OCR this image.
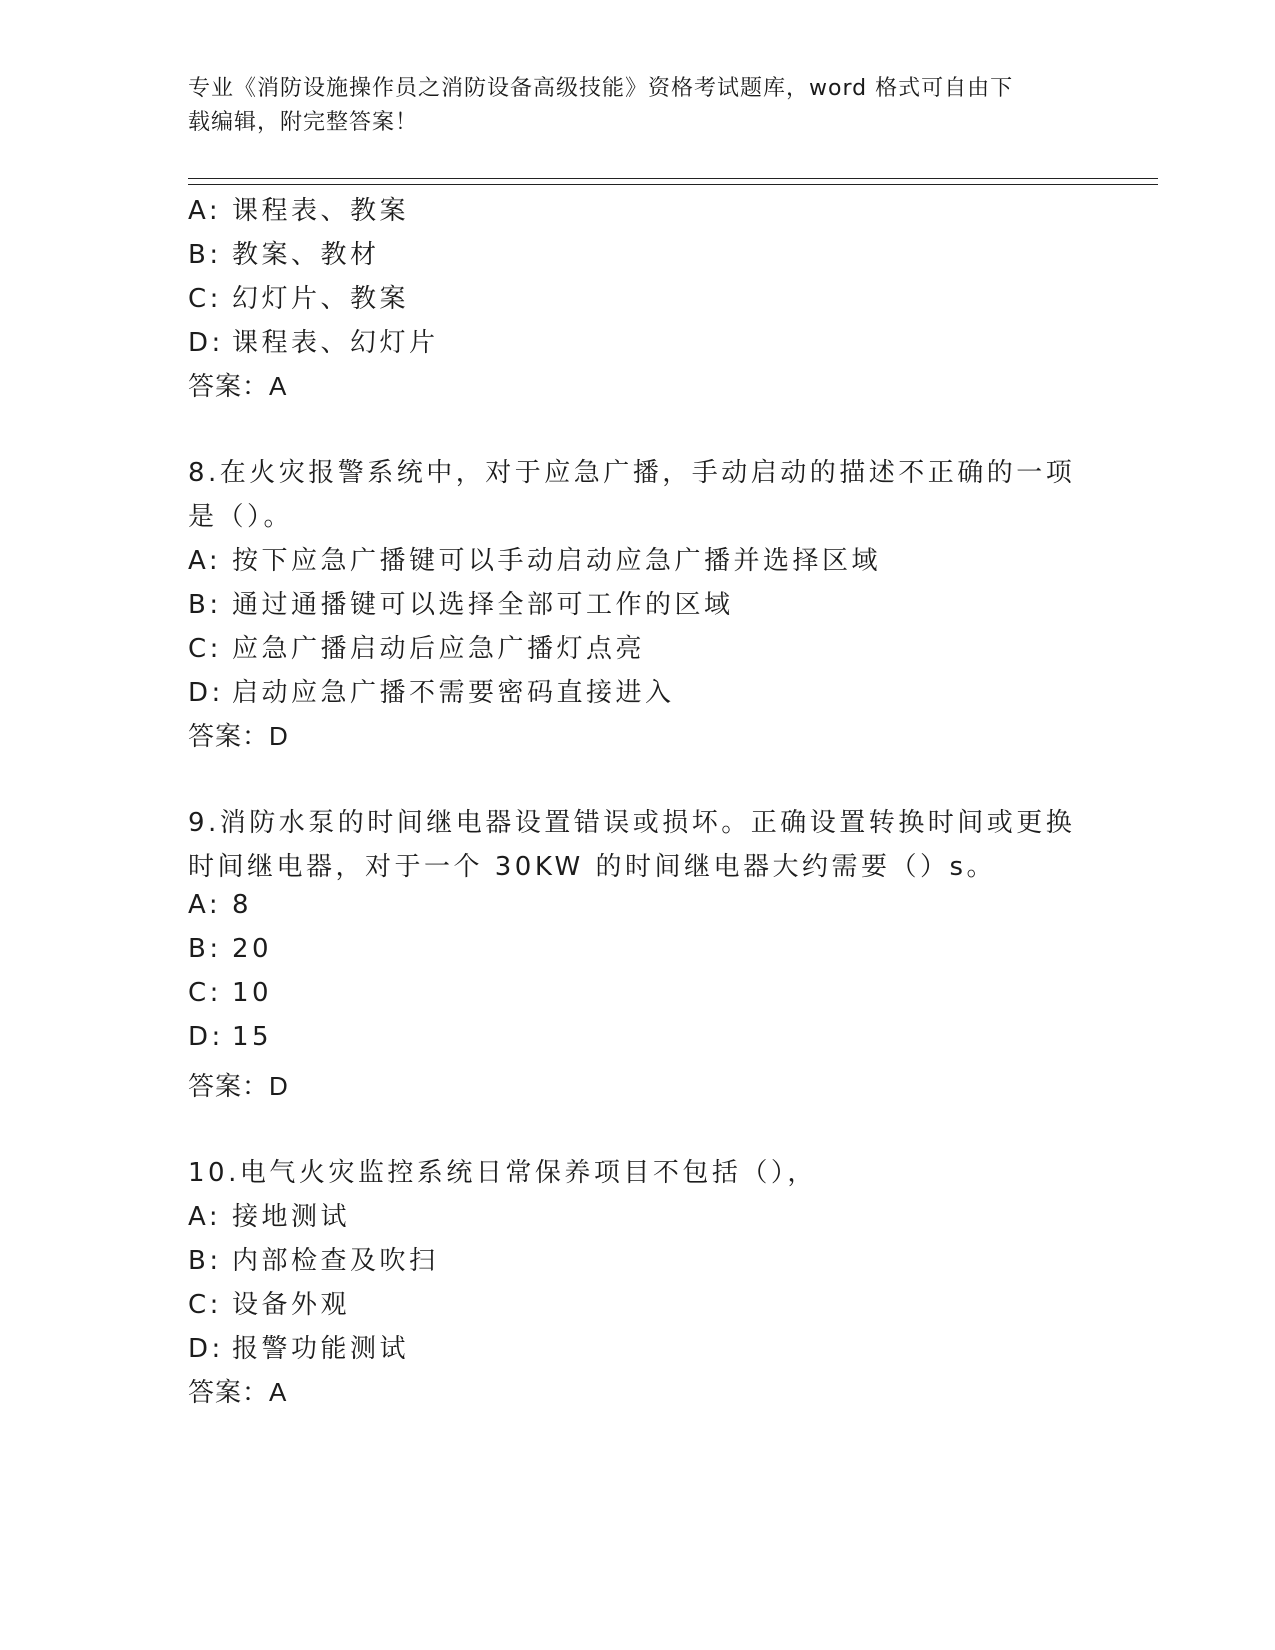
专业《消防设施操作员之消防设备高级技能》资格考试题库，word 格式可自由下
载编辑，附完整答案！
A: 课程表、教案
B: 教案、教材
C: 幻灯片、教案
D: 课程表、幻灯片
答案：A
8.在火灾报警系统中，对于应急广播，手动启动的描述不正确的一项
是（）。
A: 按下应急广播键可以手动启动应急广播并选择区域
B: 通过通播键可以选择全部可工作的区域
C: 应急广播启动后应急广播灯点亮
D: 启动应急广播不需要密码直接进入
答案：D
9.消防水泵的时间继电器设置错误或损坏。正确设置转换时间或更换
时间继电器，对于一个 30KW 的时间继电器大约需要（）s。
A: 8
B: 20
C: 10
D: 15
答案：D
10.电气火灾监控系统日常保养项目不包括（），
A: 接地测试
B: 内部检查及吹扫
C: 设备外观
D: 报警功能测试
答案：A
